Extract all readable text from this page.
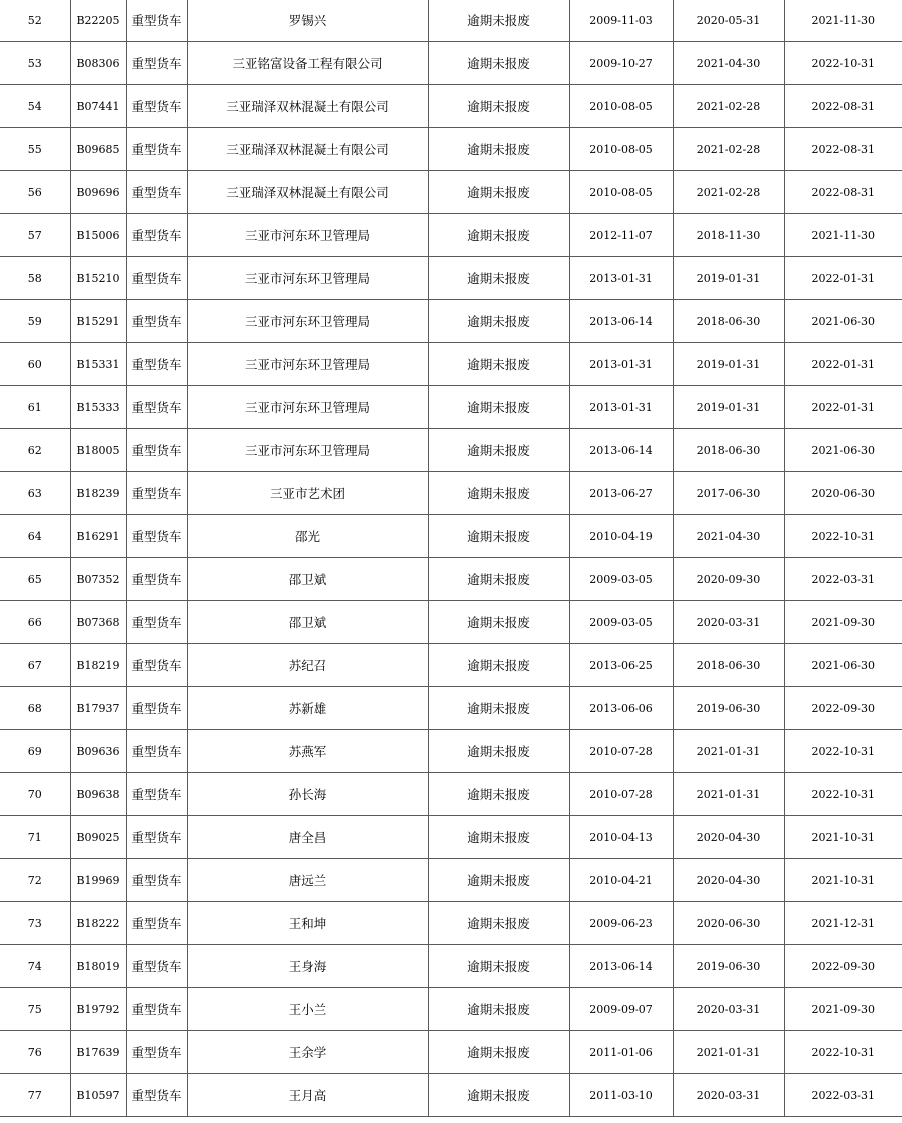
52	B22205	重型货车	罗锡兴	逾期未报废	2009-11-03	2020-05-31	2021-11-30
53	B08306	重型货车	三亚铭富设备工程有限公司	逾期未报废	2009-10-27	2021-04-30	2022-10-31
54	B07441	重型货车	三亚瑞泽双林混凝土有限公司	逾期未报废	2010-08-05	2021-02-28	2022-08-31
55	B09685	重型货车	三亚瑞泽双林混凝土有限公司	逾期未报废	2010-08-05	2021-02-28	2022-08-31
56	B09696	重型货车	三亚瑞泽双林混凝土有限公司	逾期未报废	2010-08-05	2021-02-28	2022-08-31
57	B15006	重型货车	三亚市河东环卫管理局	逾期未报废	2012-11-07	2018-11-30	2021-11-30
58	B15210	重型货车	三亚市河东环卫管理局	逾期未报废	2013-01-31	2019-01-31	2022-01-31
59	B15291	重型货车	三亚市河东环卫管理局	逾期未报废	2013-06-14	2018-06-30	2021-06-30
60	B15331	重型货车	三亚市河东环卫管理局	逾期未报废	2013-01-31	2019-01-31	2022-01-31
61	B15333	重型货车	三亚市河东环卫管理局	逾期未报废	2013-01-31	2019-01-31	2022-01-31
62	B18005	重型货车	三亚市河东环卫管理局	逾期未报废	2013-06-14	2018-06-30	2021-06-30
63	B18239	重型货车	三亚市艺术团	逾期未报废	2013-06-27	2017-06-30	2020-06-30
64	B16291	重型货车	邵光	逾期未报废	2010-04-19	2021-04-30	2022-10-31
65	B07352	重型货车	邵卫斌	逾期未报废	2009-03-05	2020-09-30	2022-03-31
66	B07368	重型货车	邵卫斌	逾期未报废	2009-03-05	2020-03-31	2021-09-30
67	B18219	重型货车	苏纪召	逾期未报废	2013-06-25	2018-06-30	2021-06-30
68	B17937	重型货车	苏新雄	逾期未报废	2013-06-06	2019-06-30	2022-09-30
69	B09636	重型货车	苏燕军	逾期未报废	2010-07-28	2021-01-31	2022-10-31
70	B09638	重型货车	孙长海	逾期未报废	2010-07-28	2021-01-31	2022-10-31
71	B09025	重型货车	唐全昌	逾期未报废	2010-04-13	2020-04-30	2021-10-31
72	B19969	重型货车	唐远兰	逾期未报废	2010-04-21	2020-04-30	2021-10-31
73	B18222	重型货车	王和坤	逾期未报废	2009-06-23	2020-06-30	2021-12-31
74	B18019	重型货车	王身海	逾期未报废	2013-06-14	2019-06-30	2022-09-30
75	B19792	重型货车	王小兰	逾期未报废	2009-09-07	2020-03-31	2021-09-30
76	B17639	重型货车	王余学	逾期未报废	2011-01-06	2021-01-31	2022-10-31
77	B10597	重型货车	王月高	逾期未报废	2011-03-10	2020-03-31	2022-03-31
